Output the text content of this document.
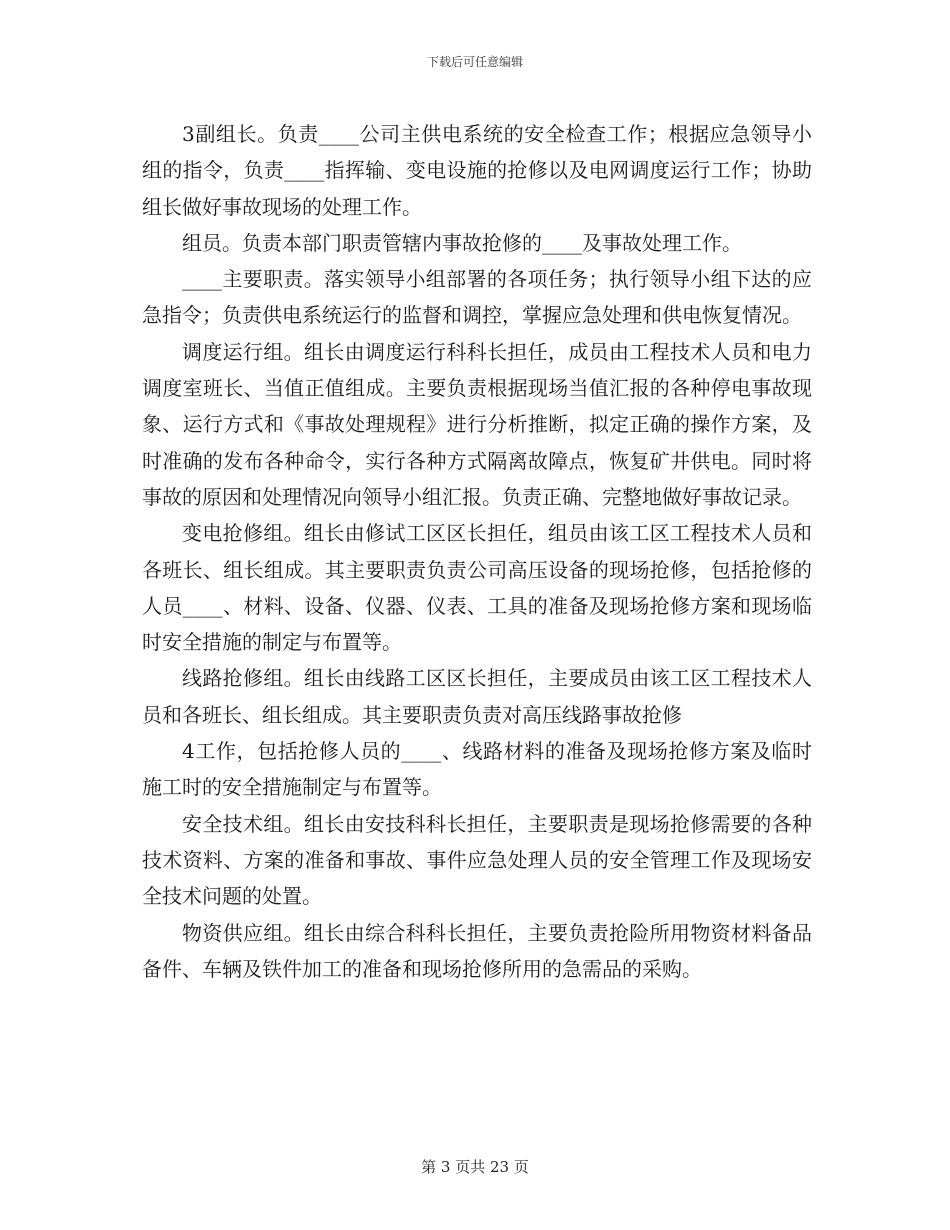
下载后可任意编辑

3副组长。负责____公司主供电系统的安全检查工作；根据应急领导小组的指令，负责____指挥输、变电设施的抢修以及电网调度运行工作；协助组长做好事故现场的处理工作。

组员。负责本部门职责管辖内事故抢修的____及事故处理工作。

____主要职责。落实领导小组部署的各项任务；执行领导小组下达的应急指令；负责供电系统运行的监督和调控，掌握应急处理和供电恢复情况。

调度运行组。组长由调度运行科科长担任，成员由工程技术人员和电力调度室班长、当值正值组成。主要负责根据现场当值汇报的各种停电事故现象、运行方式和《事故处理规程》进行分析推断，拟定正确的操作方案，及时准确的发布各种命令，实行各种方式隔离故障点，恢复矿井供电。同时将事故的原因和处理情况向领导小组汇报。负责正确、完整地做好事故记录。

变电抢修组。组长由修试工区区长担任，组员由该工区工程技术人员和各班长、组长组成。其主要职责负责公司高压设备的现场抢修，包括抢修的人员____、材料、设备、仪器、仪表、工具的准备及现场抢修方案和现场临时安全措施的制定与布置等。

线路抢修组。组长由线路工区区长担任，主要成员由该工区工程技术人员和各班长、组长组成。其主要职责负责对高压线路事故抢修

4工作，包括抢修人员的____、线路材料的准备及现场抢修方案及临时施工时的安全措施制定与布置等。

安全技术组。组长由安技科科长担任，主要职责是现场抢修需要的各种技术资料、方案的准备和事故、事件应急处理人员的安全管理工作及现场安全技术问题的处置。

物资供应组。组长由综合科科长担任，主要负责抢险所用物资材料备品备件、车辆及铁件加工的准备和现场抢修所用的急需品的采购。

第 3 页共 23 页
